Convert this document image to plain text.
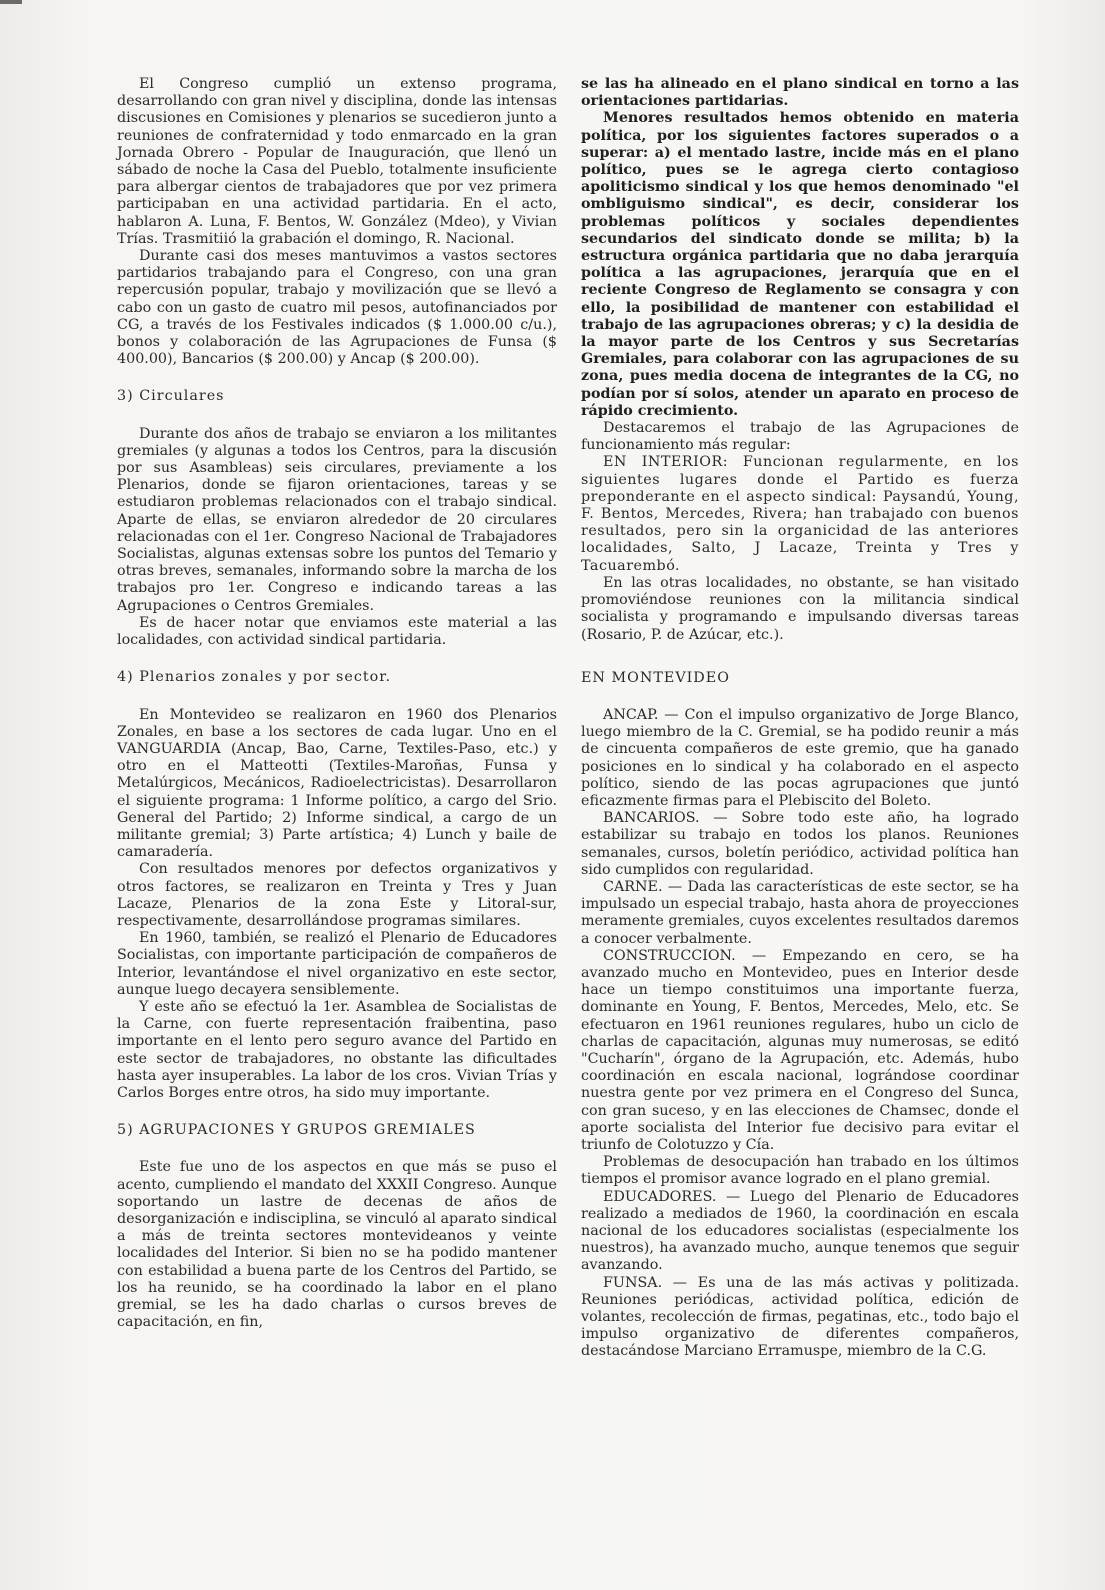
El Congreso cumplió un extenso programa, desarrollando con gran nivel y disciplina, donde las intensas discusiones en Comisiones y plenarios se sucedieron junto a reuniones de confraternidad y todo enmarcado en la gran Jornada Obrero - Popular de Inauguración, que llenó un sábado de noche la Casa del Pueblo, totalmente insuficiente para albergar cientos de trabajadores que por vez primera participaban en una actividad partidaria. En el acto, hablaron A. Luna, F. Bentos, W. González (Mdeo), y Vivian Trías. Trasmitiió la grabación el domingo, R. Nacional.

Durante casi dos meses mantuvimos a vastos sectores partidarios trabajando para el Congreso, con una gran repercusión popular, trabajo y movilización que se llevó a cabo con un gasto de cuatro mil pesos, autofinanciados por CG, a través de los Festivales indicados ($ 1.000.00 c/u.), bonos y colaboración de las Agrupaciones de Funsa ($ 400.00), Bancarios ($ 200.00) y Ancap ($ 200.00).

3) Circulares

Durante dos años de trabajo se enviaron a los militantes gremiales (y algunas a todos los Centros, para la discusión por sus Asambleas) seis circulares, previamente a los Plenarios, donde se fijaron orientaciones, tareas y se estudiaron problemas relacionados con el trabajo sindical. Aparte de ellas, se enviaron alrededor de 20 circulares relacionadas con el 1er. Congreso Nacional de Trabajadores Socialistas, algunas extensas sobre los puntos del Temario y otras breves, semanales, informando sobre la marcha de los trabajos pro 1er. Congreso e indicando tareas a las Agrupaciones o Centros Gremiales.

Es de hacer notar que enviamos este material a las localidades, con actividad sindical partidaria.

4) Plenarios zonales y por sector.

En Montevideo se realizaron en 1960 dos Plenarios Zonales, en base a los sectores de cada lugar. Uno en el VANGUARDIA (Ancap, Bao, Carne, Textiles-Paso, etc.) y otro en el Matteotti (Textiles-Maroñas, Funsa y Metalúrgicos, Mecánicos, Radioelectricistas). Desarrollaron el siguiente programa: 1 Informe político, a cargo del Srio. General del Partido; 2) Informe sindical, a cargo de un militante gremial; 3) Parte artística; 4) Lunch y baile de camaradería.

Con resultados menores por defectos organizativos y otros factores, se realizaron en Treinta y Tres y Juan Lacaze, Plenarios de la zona Este y Litoral-sur, respectivamente, desarrollándose programas similares.

En 1960, también, se realizó el Plenario de Educadores Socialistas, con importante participación de compañeros de Interior, levantándose el nivel organizativo en este sector, aunque luego decayera sensiblemente.

Y este año se efectuó la 1er. Asamblea de Socialistas de la Carne, con fuerte representación fraibentina, paso importante en el lento pero seguro avance del Partido en este sector de trabajadores, no obstante las dificultades hasta ayer insuperables. La labor de los cros. Vivian Trías y Carlos Borges entre otros, ha sido muy importante.

5) AGRUPACIONES Y GRUPOS GREMIALES

Este fue uno de los aspectos en que más se puso el acento, cumpliendo el mandato del XXXII Congreso. Aunque soportando un lastre de decenas de años de desorganización e indisciplina, se vinculó al aparato sindical a más de treinta sectores montevideanos y veinte localidades del Interior. Si bien no se ha podido mantener con estabilidad a buena parte de los Centros del Partido, se los ha reunido, se ha coordinado la labor en el plano gremial, se les ha dado charlas o cursos breves de capacitación, en fin,

se las ha alineado en el plano sindical en torno a las orientaciones partidarias.

Menores resultados hemos obtenido en materia política, por los siguientes factores superados o a superar: a) el mentado lastre, incide más en el plano político, pues se le agrega cierto contagioso apoliticismo sindical y los que hemos denominado "el ombliguismo sindical", es decir, considerar los problemas políticos y sociales dependientes secundarios del sindicato donde se milita; b) la estructura orgánica partidaria que no daba jerarquía política a las agrupaciones, jerarquía que en el reciente Congreso de Reglamento se consagra y con ello, la posibilidad de mantener con estabilidad el trabajo de las agrupaciones obreras; y c) la desidia de la mayor parte de los Centros y sus Secretarías Gremiales, para colaborar con las agrupaciones de su zona, pues media docena de integrantes de la CG, no podían por sí solos, atender un aparato en proceso de rápido crecimiento.

Destacaremos el trabajo de las Agrupaciones de funcionamiento más regular:

EN INTERIOR: Funcionan regularmente, en los siguientes lugares donde el Partido es fuerza preponderante en el aspecto sindical: Paysandú, Young, F. Bentos, Mercedes, Rivera; han trabajado con buenos resultados, pero sin la organicidad de las anteriores localidades, Salto, J Lacaze, Treinta y Tres y Tacuarembó.

En las otras localidades, no obstante, se han visitado promoviéndose reuniones con la militancia sindical socialista y programando e impulsando diversas tareas (Rosario, P. de Azúcar, etc.).

EN MONTEVIDEO

ANCAP. — Con el impulso organizativo de Jorge Blanco, luego miembro de la C. Gremial, se ha podido reunir a más de cincuenta compañeros de este gremio, que ha ganado posiciones en lo sindical y ha colaborado en el aspecto político, siendo de las pocas agrupaciones que juntó eficazmente firmas para el Plebiscito del Boleto.

BANCARIOS. — Sobre todo este año, ha logrado estabilizar su trabajo en todos los planos. Reuniones semanales, cursos, boletín periódico, actividad política han sido cumplidos con regularidad.

CARNE. — Dada las características de este sector, se ha impulsado un especial trabajo, hasta ahora de proyecciones meramente gremiales, cuyos excelentes resultados daremos a conocer verbalmente.

CONSTRUCCION. — Empezando en cero, se ha avanzado mucho en Montevideo, pues en Interior desde hace un tiempo constituimos una importante fuerza, dominante en Young, F. Bentos, Mercedes, Melo, etc. Se efectuaron en 1961 reuniones regulares, hubo un ciclo de charlas de capacitación, algunas muy numerosas, se editó "Cucharín", órgano de la Agrupación, etc. Además, hubo coordinación en escala nacional, lográndose coordinar nuestra gente por vez primera en el Congreso del Sunca, con gran suceso, y en las elecciones de Chamsec, donde el aporte socialista del Interior fue decisivo para evitar el triunfo de Colotuzzo y Cía.

Problemas de desocupación han trabado en los últimos tiempos el promisor avance logrado en el plano gremial.

EDUCADORES. — Luego del Plenario de Educadores realizado a mediados de 1960, la coordinación en escala nacional de los educadores socialistas (especialmente los nuestros), ha avanzado mucho, aunque tenemos que seguir avanzando.

FUNSA. — Es una de las más activas y politizada. Reuniones periódicas, actividad política, edición de volantes, recolección de firmas, pegatinas, etc., todo bajo el impulso organizativo de diferentes compañeros, destacándose Marciano Erramuspe, miembro de la C.G.
